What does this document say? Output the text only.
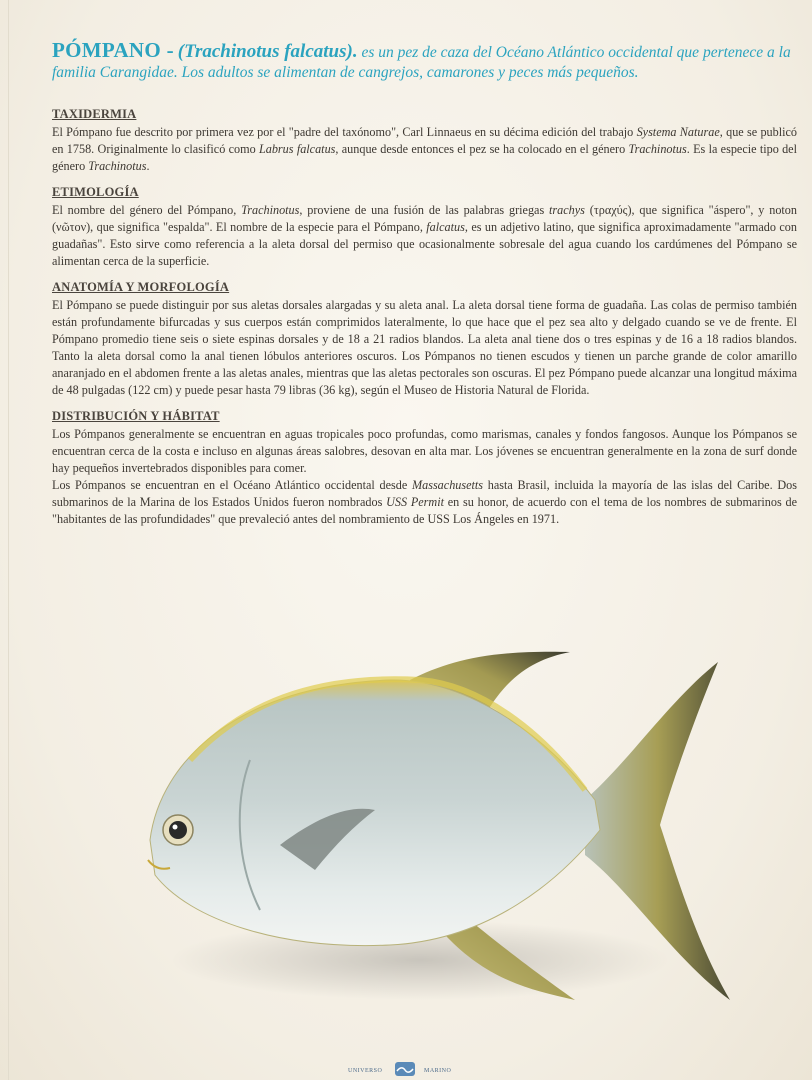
PÓMPANO - (Trachinotus falcatus). es un pez de caza del Océano Atlántico occidental que pertenece a la familia Carangidae. Los adultos se alimentan de cangrejos, camarones y peces más pequeños.

TAXIDERMIA

El Pómpano fue descrito por primera vez por el "padre del taxónomo", Carl Linnaeus en su décima edición del trabajo Systema Naturae, que se publicó en 1758. Originalmente lo clasificó como Labrus falcatus, aunque desde entonces el pez se ha colocado en el género Trachinotus. Es la especie tipo del género Trachinotus.

ETIMOLOGÍA

El nombre del género del Pómpano, Trachinotus, proviene de una fusión de las palabras griegas trachys (τραχύς), que significa "áspero", y noton (νῶτον), que significa "espalda". El nombre de la especie para el Pómpano, falcatus, es un adjetivo latino, que significa aproximadamente "armado con guadañas". Esto sirve como referencia a la aleta dorsal del permiso que ocasionalmente sobresale del agua cuando los cardúmenes del Pómpano se alimentan cerca de la superficie.

ANATOMÍA Y MORFOLOGÍA

El Pómpano se puede distinguir por sus aletas dorsales alargadas y su aleta anal. La aleta dorsal tiene forma de guadaña. Las colas de permiso también están profundamente bifurcadas y sus cuerpos están comprimidos lateralmente, lo que hace que el pez sea alto y delgado cuando se ve de frente. El Pómpano promedio tiene seis o siete espinas dorsales y de 18 a 21 radios blandos. La aleta anal tiene dos o tres espinas y de 16 a 18 radios blandos. Tanto la aleta dorsal como la anal tienen lóbulos anteriores oscuros. Los Pómpanos no tienen escudos y tienen un parche grande de color amarillo anaranjado en el abdomen frente a las aletas anales, mientras que las aletas pectorales son oscuras. El pez Pómpano puede alcanzar una longitud máxima de 48 pulgadas (122 cm) y puede pesar hasta 79 libras (36 kg), según el Museo de Historia Natural de Florida.

DISTRIBUCIÓN Y HÁBITAT

Los Pómpanos generalmente se encuentran en aguas tropicales poco profundas, como marismas, canales y fondos fangosos. Aunque los Pómpanos se encuentran cerca de la costa e incluso en algunas áreas salobres, desovan en alta mar. Los jóvenes se encuentran generalmente en la zona de surf donde hay pequeños invertebrados disponibles para comer.

Los Pómpanos se encuentran en el Océano Atlántico occidental desde Massachusetts hasta Brasil, incluida la mayoría de las islas del Caribe. Dos submarinos de la Marina de los Estados Unidos fueron nombrados USS Permit en su honor, de acuerdo con el tema de los nombres de submarinos de "habitantes de las profundidades" que prevaleció antes del nombramiento de USS Los Ángeles en 1971.

UNIVERSO	MARINO
